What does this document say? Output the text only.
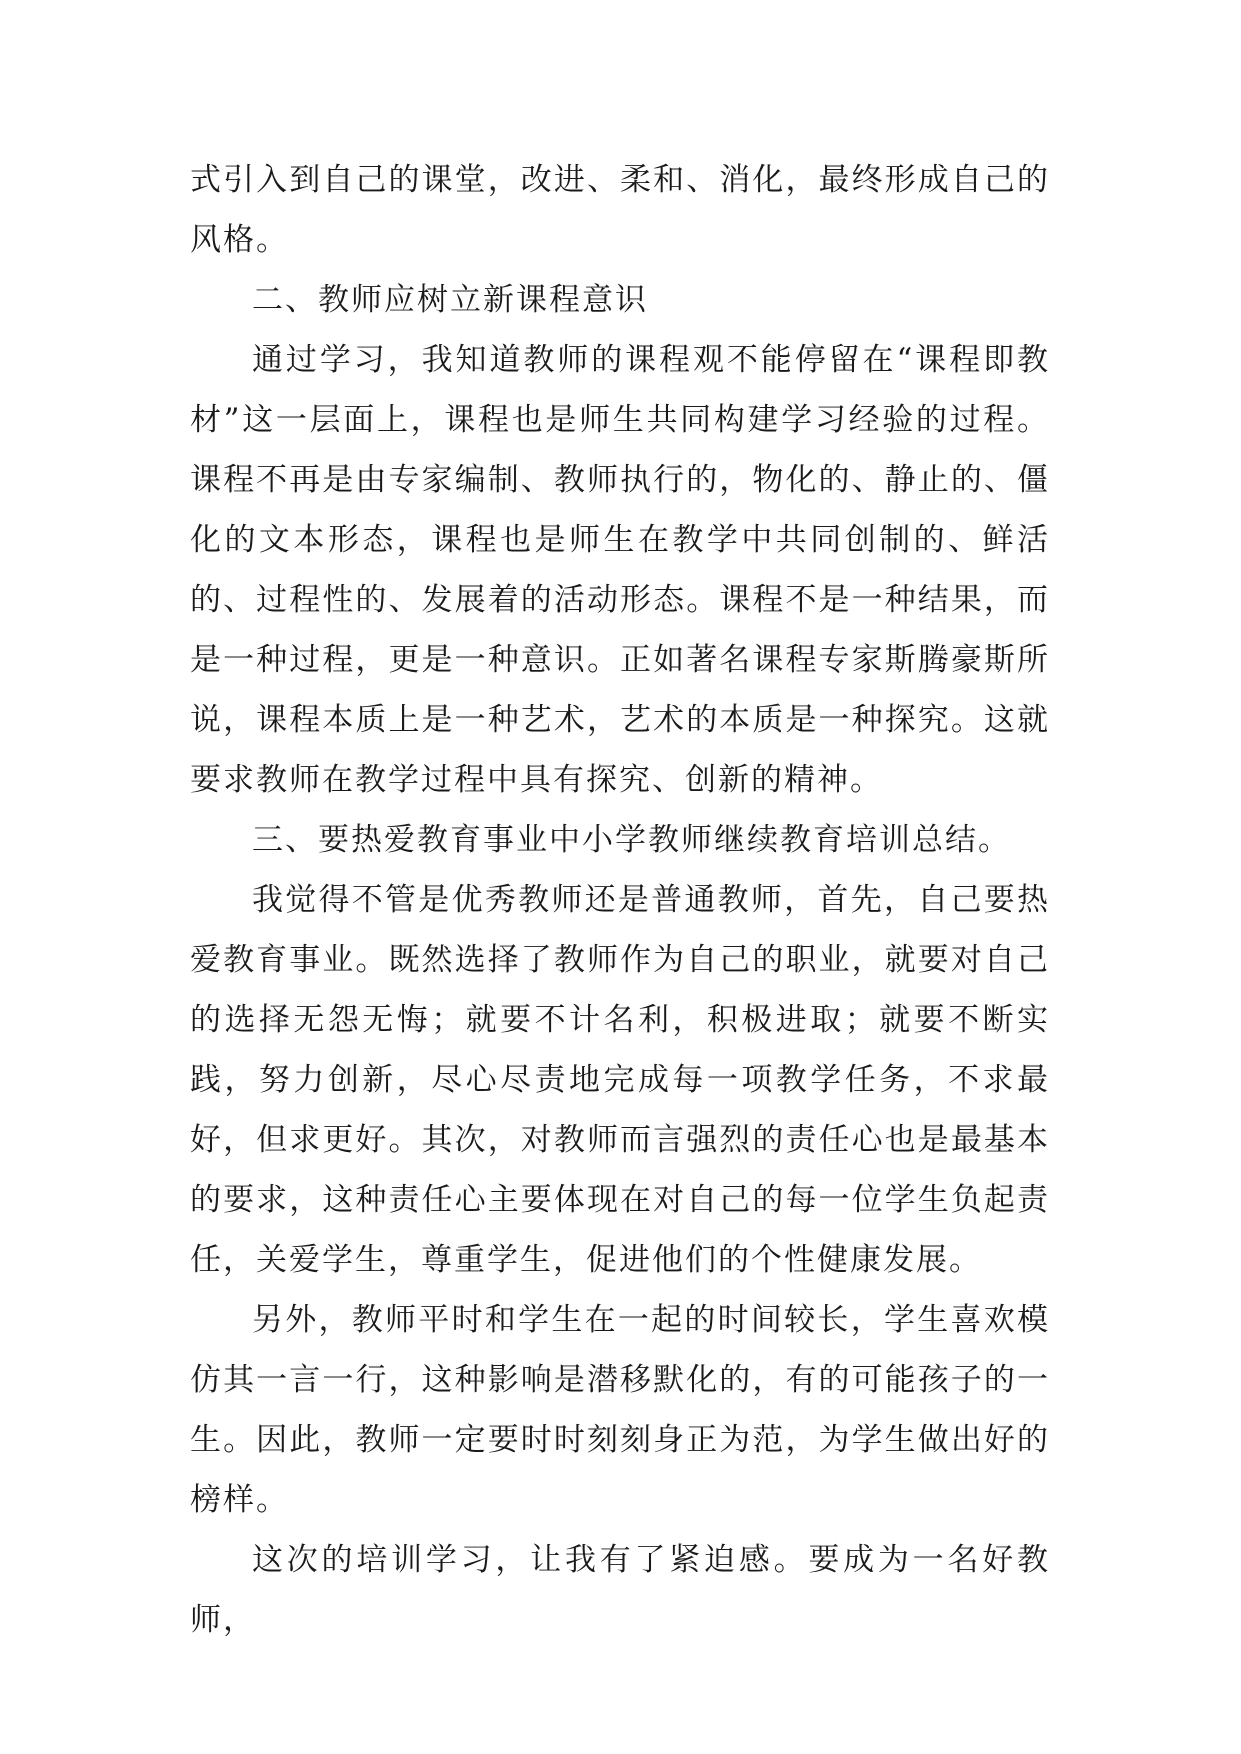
式引入到自己的课堂，改进、柔和、消化，最终形成自己的风格。

二、教师应树立新课程意识

通过学习，我知道教师的课程观不能停留在“课程即教材”这一层面上，课程也是师生共同构建学习经验的过程。课程不再是由专家编制、教师执行的，物化的、静止的、僵化的文本形态，课程也是师生在教学中共同创制的、鲜活的、过程性的、发展着的活动形态。课程不是一种结果，而是一种过程，更是一种意识。正如著名课程专家斯腾豪斯所说，课程本质上是一种艺术，艺术的本质是一种探究。这就要求教师在教学过程中具有探究、创新的精神。

三、要热爱教育事业中小学教师继续教育培训总结。

我觉得不管是优秀教师还是普通教师，首先，自己要热爱教育事业。既然选择了教师作为自己的职业，就要对自己的选择无怨无悔；就要不计名利，积极进取；就要不断实践，努力创新，尽心尽责地完成每一项教学任务，不求最好，但求更好。其次，对教师而言强烈的责任心也是最基本的要求，这种责任心主要体现在对自己的每一位学生负起责任，关爱学生，尊重学生，促进他们的个性健康发展。

另外，教师平时和学生在一起的时间较长，学生喜欢模仿其一言一行，这种影响是潜移默化的，有的可能孩子的一生。因此，教师一定要时时刻刻身正为范，为学生做出好的榜样。

这次的培训学习，让我有了紧迫感。要成为一名好教师，
